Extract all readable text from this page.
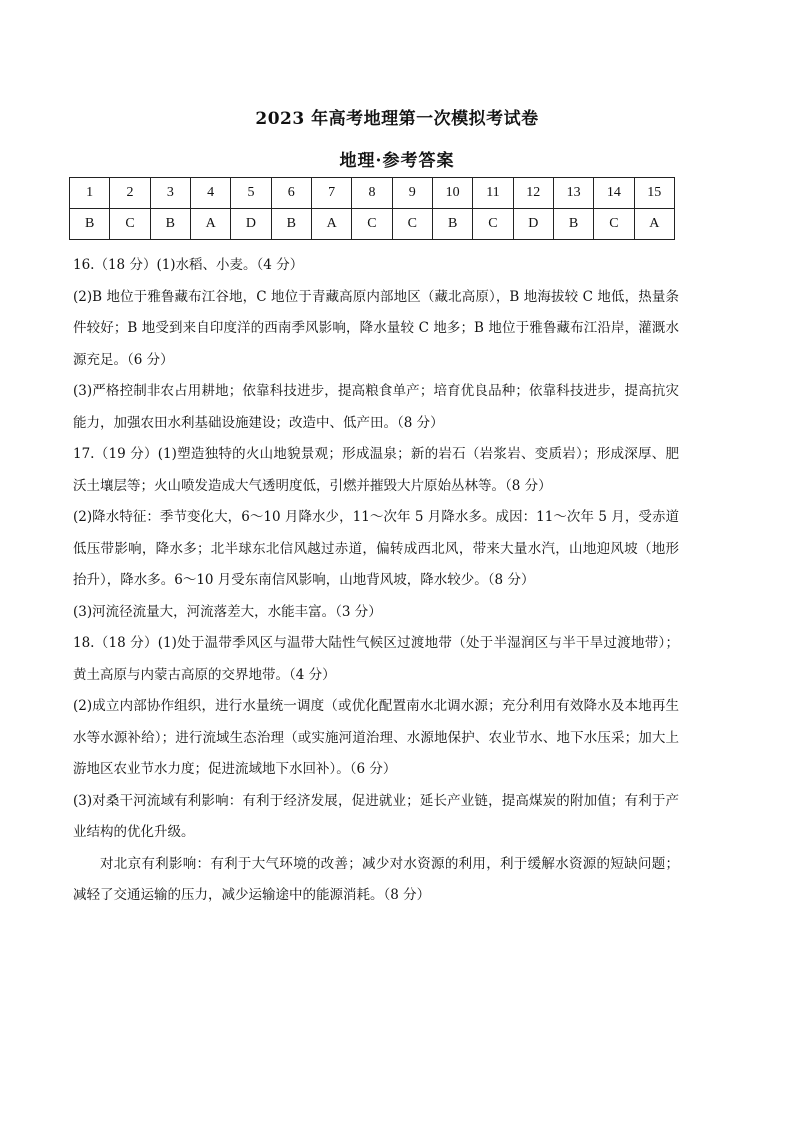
2023 年高考地理第一次模拟考试卷
地理·参考答案
1	2	3	4	5	6	7	8	9	10	11	12	13	14	15
B	C	B	A	D	B	A	C	C	B	C	D	B	C	A

16.（18 分）(1)水稻、小麦。（4 分）

(2)B 地位于雅鲁藏布江谷地，C 地位于青藏高原内部地区（藏北高原），B 地海拔较 C 地低，热量条件较好；B 地受到来自印度洋的西南季风影响，降水量较 C 地多；B 地位于雅鲁藏布江沿岸，灌溉水源充足。（6 分）

(3)严格控制非农占用耕地；依靠科技进步，提高粮食单产；培育优良品种；依靠科技进步，提高抗灾能力，加强农田水利基础设施建设；改造中、低产田。（8 分）

17.（19 分）(1)塑造独特的火山地貌景观；形成温泉；新的岩石（岩浆岩、变质岩）；形成深厚、肥沃土壤层等；火山喷发造成大气透明度低，引燃并摧毁大片原始丛林等。（8 分）

(2)降水特征：季节变化大，6～10 月降水少，11～次年 5 月降水多。成因：11～次年 5 月，受赤道低压带影响，降水多；北半球东北信风越过赤道，偏转成西北风，带来大量水汽，山地迎风坡（地形抬升），降水多。6～10 月受东南信风影响，山地背风坡，降水较少。（8 分）

(3)河流径流量大，河流落差大，水能丰富。（3 分）

18.（18 分）(1)处于温带季风区与温带大陆性气候区过渡地带（处于半湿润区与半干旱过渡地带）；黄土高原与内蒙古高原的交界地带。（4 分）

(2)成立内部协作组织，进行水量统一调度（或优化配置南水北调水源；充分利用有效降水及本地再生水等水源补给）；进行流域生态治理（或实施河道治理、水源地保护、农业节水、地下水压采；加大上游地区农业节水力度；促进流域地下水回补）。（6 分）

(3)对桑干河流域有利影响：有利于经济发展，促进就业；延长产业链，提高煤炭的附加值；有利于产业结构的优化升级。

对北京有利影响：有利于大气环境的改善；减少对水资源的利用，利于缓解水资源的短缺问题；减轻了交通运输的压力，减少运输途中的能源消耗。（8 分）
